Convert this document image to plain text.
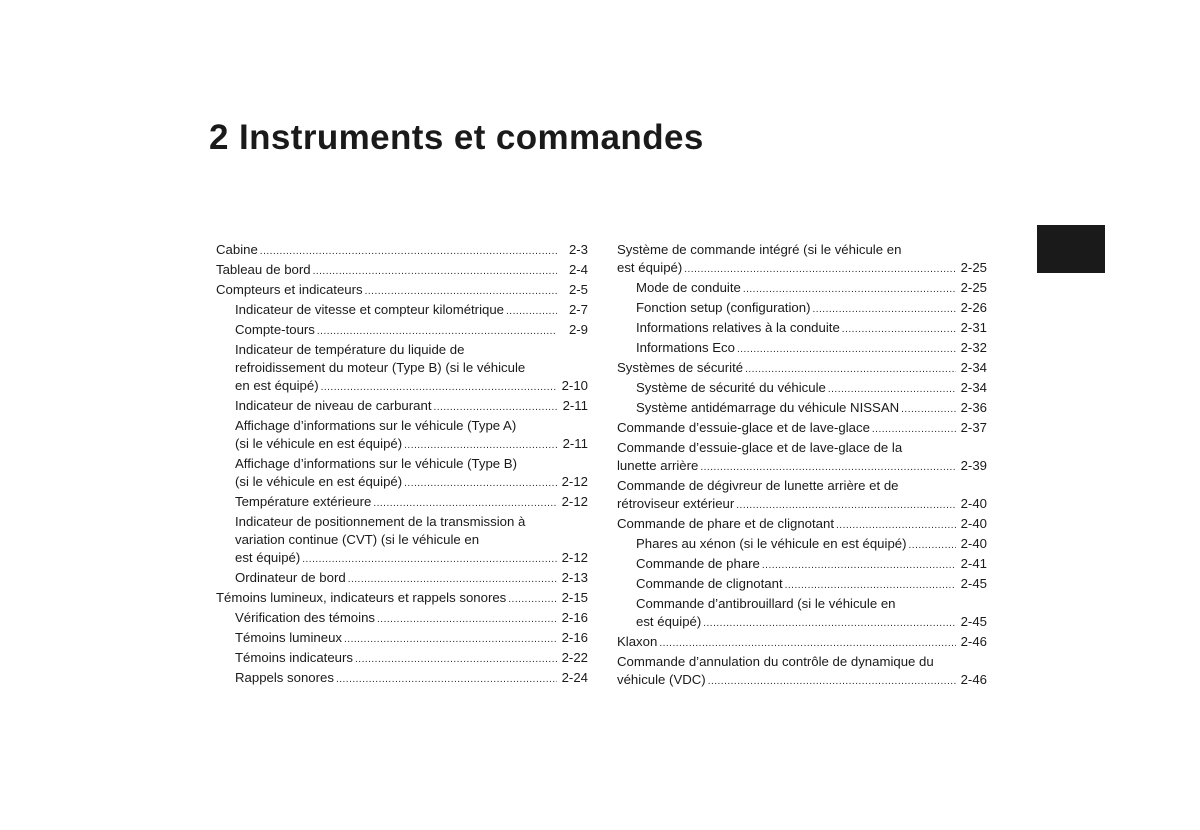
2 Instruments et commandes
Cabine .....	2-3
Tableau de bord .....	2-4
Compteurs et indicateurs .....	2-5
Indicateur de vitesse et compteur kilométrique .....	2-7
Compte-tours .....	2-9
Indicateur de température du liquide de
refroidissement du moteur (Type B) (si le véhicule
en est équipé) .....	2-10
Indicateur de niveau de carburant .....	2-11
Affichage d’informations sur le véhicule (Type A)
(si le véhicule en est équipé) .....	2-11
Affichage d’informations sur le véhicule (Type B)
(si le véhicule en est équipé) .....	2-12
Température extérieure .....	2-12
Indicateur de positionnement de la transmission à
variation continue (CVT) (si le véhicule en
est équipé) .....	2-12
Ordinateur de bord .....	2-13
Témoins lumineux, indicateurs et rappels sonores .....	2-15
Vérification des témoins .....	2-16
Témoins lumineux .....	2-16
Témoins indicateurs .....	2-22
Rappels sonores .....	2-24
Système de commande intégré (si le véhicule en
est équipé) .....	2-25
Mode de conduite .....	2-25
Fonction setup (configuration) .....	2-26
Informations relatives à la conduite .....	2-31
Informations Eco .....	2-32
Systèmes de sécurité .....	2-34
Système de sécurité du véhicule .....	2-34
Système antidémarrage du véhicule NISSAN .....	2-36
Commande d’essuie-glace et de lave-glace .....	2-37
Commande d’essuie-glace et de lave-glace de la
lunette arrière .....	2-39
Commande de dégivreur de lunette arrière et de
rétroviseur extérieur .....	2-40
Commande de phare et de clignotant .....	2-40
Phares au xénon (si le véhicule en est équipé) .....	2-40
Commande de phare .....	2-41
Commande de clignotant .....	2-45
Commande d’antibrouillard (si le véhicule en
est équipé) .....	2-45
Klaxon .....	2-46
Commande d’annulation du contrôle de dynamique du
véhicule (VDC) .....	2-46
